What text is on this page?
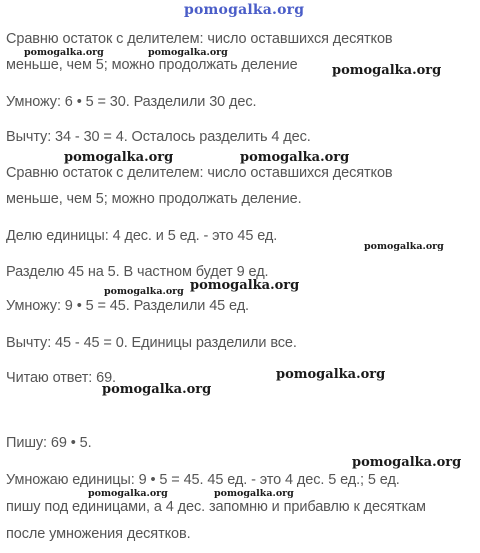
pomogalka.org
Сравню остаток с делителем: число оставшихся десятков
меньше, чем 5; можно продолжать деление
Умножу: 6 • 5 = 30. Разделили 30 дес.
Вычту: 34 - 30 = 4. Осталось разделить 4 дес.
Сравню остаток с делителем: число оставшихся десятков
меньше, чем 5; можно продолжать деление.
Делю единицы: 4 дес. и 5 ед. - это 45 ед.
Разделю 45 на 5. В частном будет 9 ед.
Умножу: 9 • 5 = 45. Разделили 45 ед.
Вычту: 45 - 45 = 0. Единицы разделили все.
Читаю ответ: 69.
Пишу: 69 • 5.
Умножаю единицы: 9 • 5 = 45. 45 ед. - это 4 дес. 5 ед.; 5 ед.
пишу под единицами, а 4 дес. запомню и прибавлю к десяткам
после умножения десятков.
pomogalka.org	pomogalka.org
pomogalka.org
pomogalka.org	pomogalka.org
pomogalka.org
pomogalka.org pomogalka.org
pomogalka.org
pomogalka.org
pomogalka.org
pomogalka.org	pomogalka.org
